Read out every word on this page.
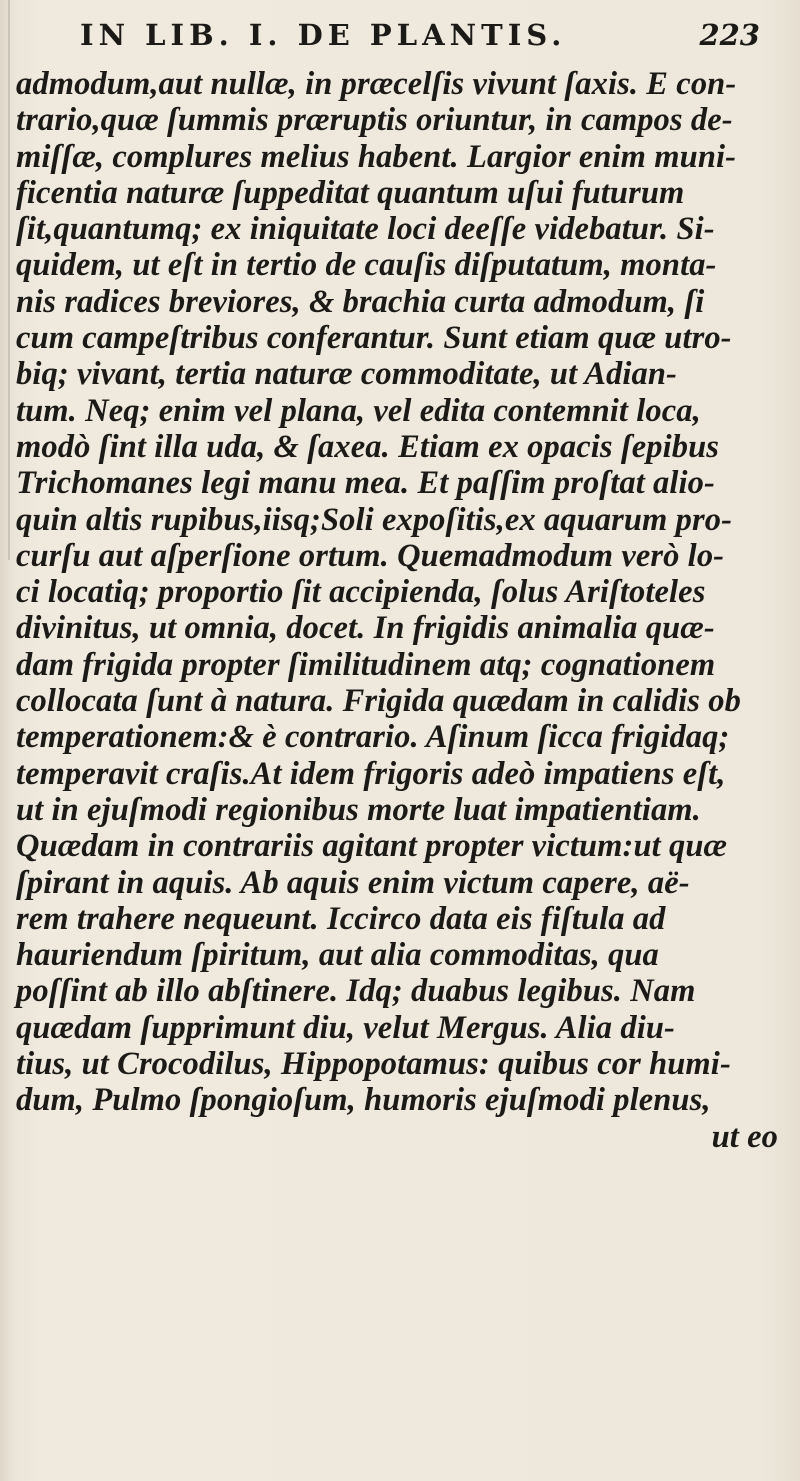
IN LIB. I. DE PLANTIS.	223
admodum,aut nullæ, in præcelſis vivunt ſaxis. E con-
trario,quæ ſummis præruptis oriuntur, in campos de-
miſſæ, complures melius habent. Largior enim muni-
ficentia naturæ ſuppeditat quantum uſui futurum
ſit,quantumq; ex iniquitate loci deeſſe videbatur. Si-
quidem, ut eſt in tertio de cauſis diſputatum, monta-
nis radices breviores, & brachia curta admodum, ſi
cum campeſtribus conferantur. Sunt etiam quæ utro-
biq; vivant, tertia naturæ commoditate, ut Adian-
tum. Neq; enim vel plana, vel edita contemnit loca,
modò ſint illa uda, & ſaxea. Etiam ex opacis ſepibus
Trichomanes legi manu mea. Et paſſim proſtat alio-
quin altis rupibus,iisq;Soli expoſitis,ex aquarum pro-
curſu aut aſperſione ortum. Quemadmodum verò lo-
ci locatiq; proportio ſit accipienda, ſolus Ariſtoteles
divinitus, ut omnia, docet. In frigidis animalia quæ-
dam frigida propter ſimilitudinem atq; cognationem
collocata ſunt à natura. Frigida quædam in calidis ob
temperationem:& è contrario. Aſinum ſicca frigidaq;
temperavit craſis.At idem frigoris adeò impatiens eſt,
ut in ejuſmodi regionibus morte luat impatientiam.
Quædam in contrariis agitant propter victum:ut quæ
ſpirant in aquis. Ab aquis enim victum capere, aë-
rem trahere nequeunt. Iccirco data eis fiſtula ad
hauriendum ſpiritum, aut alia commoditas, qua
poſſint ab illo abſtinere. Idq; duabus legibus. Nam
quædam ſupprimunt diu, velut Mergus. Alia diu-
tius, ut Crocodilus, Hippopotamus: quibus cor humi-
dum, Pulmo ſpongioſum, humoris ejuſmodi plenus,
ut eo
